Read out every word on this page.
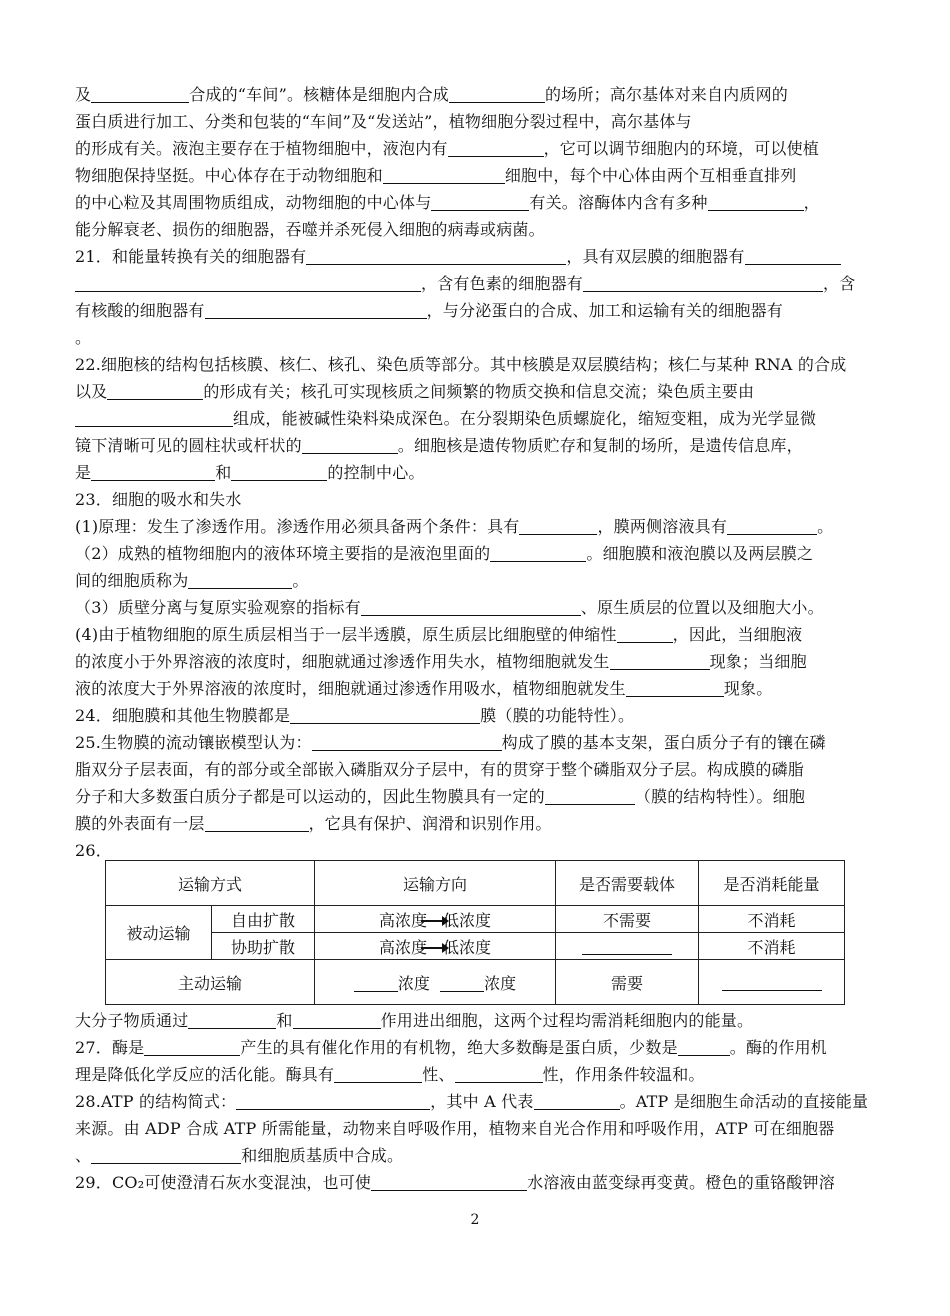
及	合成的“车间”。核糖体是细胞内合成	的场所；高尔基体对来自内质网的
蛋白质进行加工、分类和包装的“车间”及“发送站”，植物细胞分裂过程中，高尔基体与
的形成有关。液泡主要存在于植物细胞中，液泡内有	，它可以调节细胞内的环境，可以使植
物细胞保持坚挺。中心体存在于动物细胞和	细胞中，每个中心体由两个互相垂直排列
的中心粒及其周围物质组成，动物细胞的中心体与	有关。溶酶体内含有多种	，
能分解衰老、损伤的细胞器，吞噬并杀死侵入细胞的病毒或病菌。
21．和能量转换有关的细胞器有	，具有双层膜的细胞器有
，含有色素的细胞器有	，含
有核酸的细胞器有	，与分泌蛋白的合成、加工和运输有关的细胞器有
。
22.细胞核的结构包括核膜、核仁、核孔、染色质等部分。其中核膜是双层膜结构；核仁与某种 RNA 的合成
以及	的形成有关；核孔可实现核质之间频繁的物质交换和信息交流；染色质主要由
组成，能被碱性染料染成深色。在分裂期染色质螺旋化，缩短变粗，成为光学显微
镜下清晰可见的圆柱状或杆状的	。细胞核是遗传物质贮存和复制的场所，是遗传信息库，
是	和	的控制中心。
23．细胞的吸水和失水
(1)原理：发生了渗透作用。渗透作用必须具备两个条件：具有	，膜两侧溶液具有	。
（2）成熟的植物细胞内的液体环境主要指的是液泡里面的	。细胞膜和液泡膜以及两层膜之
间的细胞质称为	。
（3）质壁分离与复原实验观察的指标有	、原生质层的位置以及细胞大小。
(4)由于植物细胞的原生质层相当于一层半透膜，原生质层比细胞壁的伸缩性	，因此，当细胞液
的浓度小于外界溶液的浓度时，细胞就通过渗透作用失水，植物细胞就发生	现象；当细胞
液的浓度大于外界溶液的浓度时，细胞就通过渗透作用吸水，植物细胞就发生	现象。
24．细胞膜和其他生物膜都是	膜（膜的功能特性）。
25.生物膜的流动镶嵌模型认为：	构成了膜的基本支架，蛋白质分子有的镶在磷
脂双分子层表面，有的部分或全部嵌入磷脂双分子层中，有的贯穿于整个磷脂双分子层。构成膜的磷脂
分子和大多数蛋白质分子都是可以运动的，因此生物膜具有一定的	（膜的结构特性）。细胞
膜的外表面有一层	，它具有保护、润滑和识别作用。
26．
运输方式		运输方向	是否需要载体	是否消耗能量
被动运输	自由扩散	高浓度 低浓度	不需要	不消耗
	协助扩散	高浓度 低浓度		不消耗
主动运输		浓度 浓度	需要	
大分子物质通过	和	作用进出细胞，这两个过程均需消耗细胞内的能量。
27．酶是	产生的具有催化作用的有机物，绝大多数酶是蛋白质，少数是	。酶的作用机
理是降低化学反应的活化能。酶具有	性、	性，作用条件较温和。
28.ATP 的结构简式：	，其中 A 代表	。ATP 是细胞生命活动的直接能量
来源。由 ADP 合成 ATP 所需能量，动物来自呼吸作用，植物来自光合作用和呼吸作用，ATP 可在细胞器
、	和细胞质基质中合成。
29．CO₂可使澄清石灰水变混浊，也可使	水溶液由蓝变绿再变黄。橙色的重铬酸钾溶
2
